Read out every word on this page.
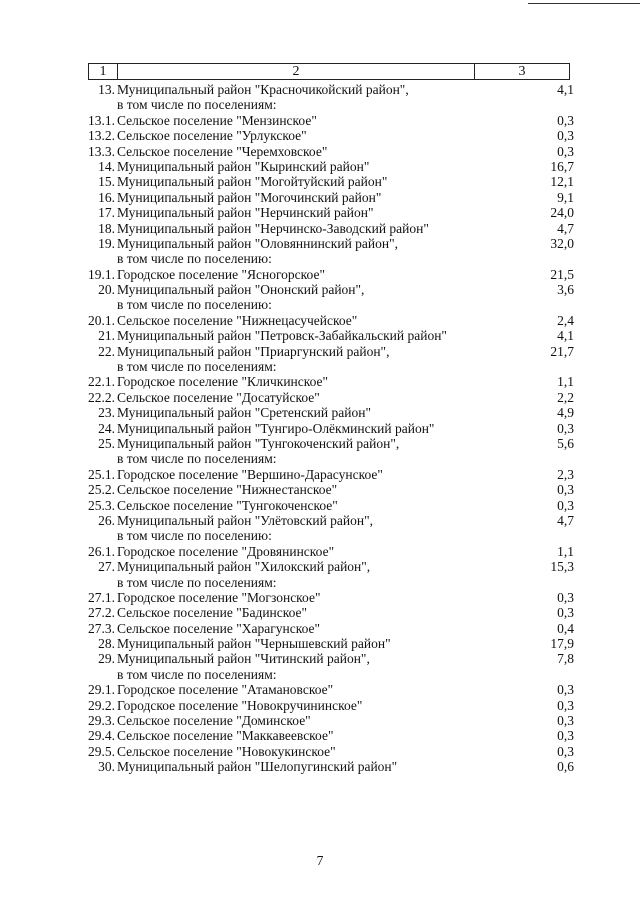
1	2	3
13. Муниципальный район "Красночикойский район",	4,1
в том числе по поселениям:
13.1. Сельское поселение "Мензинское"	0,3
13.2. Сельское поселение "Урлукское"	0,3
13.3. Сельское поселение "Черемховское"	0,3
14. Муниципальный район "Кыринский район"	16,7
15. Муниципальный район "Могойтуйский район"	12,1
16. Муниципальный район "Могочинский район"	9,1
17. Муниципальный район "Нерчинский район"	24,0
18. Муниципальный район "Нерчинско-Заводский район"	4,7
19. Муниципальный район "Оловяннинский район",	32,0
в том числе по поселению:
19.1. Городское поселение "Ясногорское"	21,5
20. Муниципальный район "Ононский район",	3,6
в том числе по поселению:
20.1. Сельское поселение "Нижнецасучейское"	2,4
21. Муниципальный район "Петровск-Забайкальский район"	4,1
22. Муниципальный район "Приаргунский район",	21,7
в том числе по поселениям:
22.1. Городское поселение "Кличкинское"	1,1
22.2. Сельское поселение "Досатуйское"	2,2
23. Муниципальный район "Сретенский район"	4,9
24. Муниципальный район "Тунгиро-Олёкминский район"	0,3
25. Муниципальный район "Тунгокоченский район",	5,6
в том числе по поселениям:
25.1. Городское поселение "Вершино-Дарасунское"	2,3
25.2. Сельское поселение "Нижнестанское"	0,3
25.3. Сельское поселение "Тунгокоченское"	0,3
26. Муниципальный район "Улётовский район",	4,7
в том числе по поселению:
26.1. Городское поселение "Дровянинское"	1,1
27. Муниципальный район "Хилокский район",	15,3
в том числе по поселениям:
27.1. Городское поселение "Могзонское"	0,3
27.2. Сельское поселение "Бадинское"	0,3
27.3. Сельское поселение "Харагунское"	0,4
28. Муниципальный район "Чернышевский район"	17,9
29. Муниципальный район "Читинский район",	7,8
в том числе по поселениям:
29.1. Городское поселение "Атамановское"	0,3
29.2. Городское поселение "Новокручининское"	0,3
29.3. Сельское поселение "Доминское"	0,3
29.4. Сельское поселение "Маккавеевское"	0,3
29.5. Сельское поселение "Новокукинское"	0,3
30. Муниципальный район "Шелопугинский район"	0,6
7
